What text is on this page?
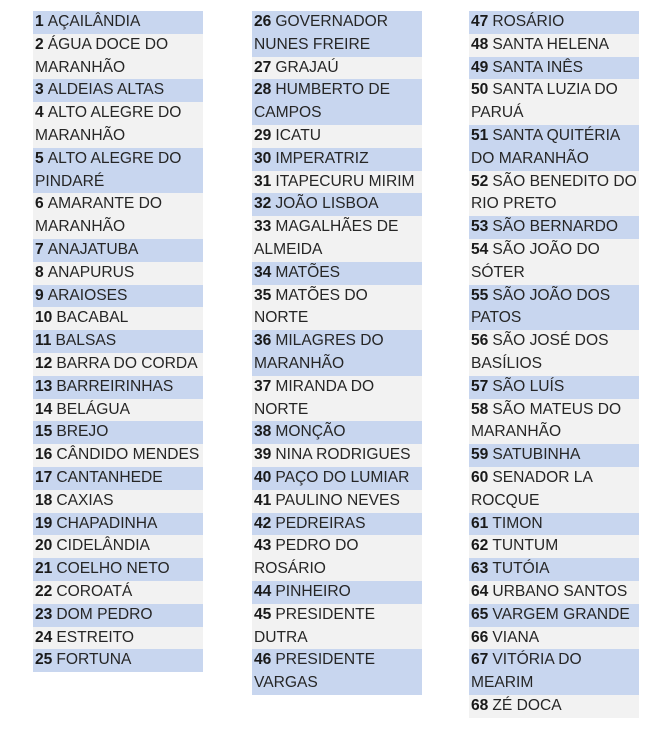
1 AÇAILÂNDIA
2 ÁGUA DOCE DO MARANHÃO
3 ALDEIAS ALTAS
4 ALTO ALEGRE DO MARANHÃO
5 ALTO ALEGRE DO PINDARÉ
6 AMARANTE DO MARANHÃO
7 ANAJATUBA
8 ANAPURUS
9 ARAIOSES
10 BACABAL
11 BALSAS
12 BARRA DO CORDA
13 BARREIRINHAS
14 BELÁGUA
15 BREJO
16 CÂNDIDO MENDES
17 CANTANHEDE
18 CAXIAS
19 CHAPADINHA
20 CIDELÂNDIA
21 COELHO NETO
22 COROATÁ
23 DOM PEDRO
24 ESTREITO
25 FORTUNA
26 GOVERNADOR NUNES FREIRE
27 GRAJAÚ
28 HUMBERTO DE CAMPOS
29 ICATU
30 IMPERATRIZ
31 ITAPECURU MIRIM
32 JOÃO LISBOA
33 MAGALHÃES DE ALMEIDA
34 MATÕES
35 MATÕES DO NORTE
36 MILAGRES DO MARANHÃO
37 MIRANDA DO NORTE
38 MONÇÃO
39 NINA RODRIGUES
40 PAÇO DO LUMIAR
41 PAULINO NEVES
42 PEDREIRAS
43 PEDRO DO ROSÁRIO
44 PINHEIRO
45 PRESIDENTE DUTRA
46 PRESIDENTE VARGAS
47 ROSÁRIO
48 SANTA HELENA
49 SANTA INÊS
50 SANTA LUZIA DO PARUÁ
51 SANTA QUITÉRIA DO MARANHÃO
52 SÃO BENEDITO DO RIO PRETO
53 SÃO BERNARDO
54 SÃO JOÃO DO SÓTER
55 SÃO JOÃO DOS PATOS
56 SÃO JOSÉ DOS BASÍLIOS
57 SÃO LUÍS
58 SÃO MATEUS DO MARANHÃO
59 SATUBINHA
60 SENADOR LA ROCQUE
61 TIMON
62 TUNTUM
63 TUTÓIA
64 URBANO SANTOS
65 VARGEM GRANDE
66 VIANA
67 VITÓRIA DO MEARIM
68 ZÉ DOCA
